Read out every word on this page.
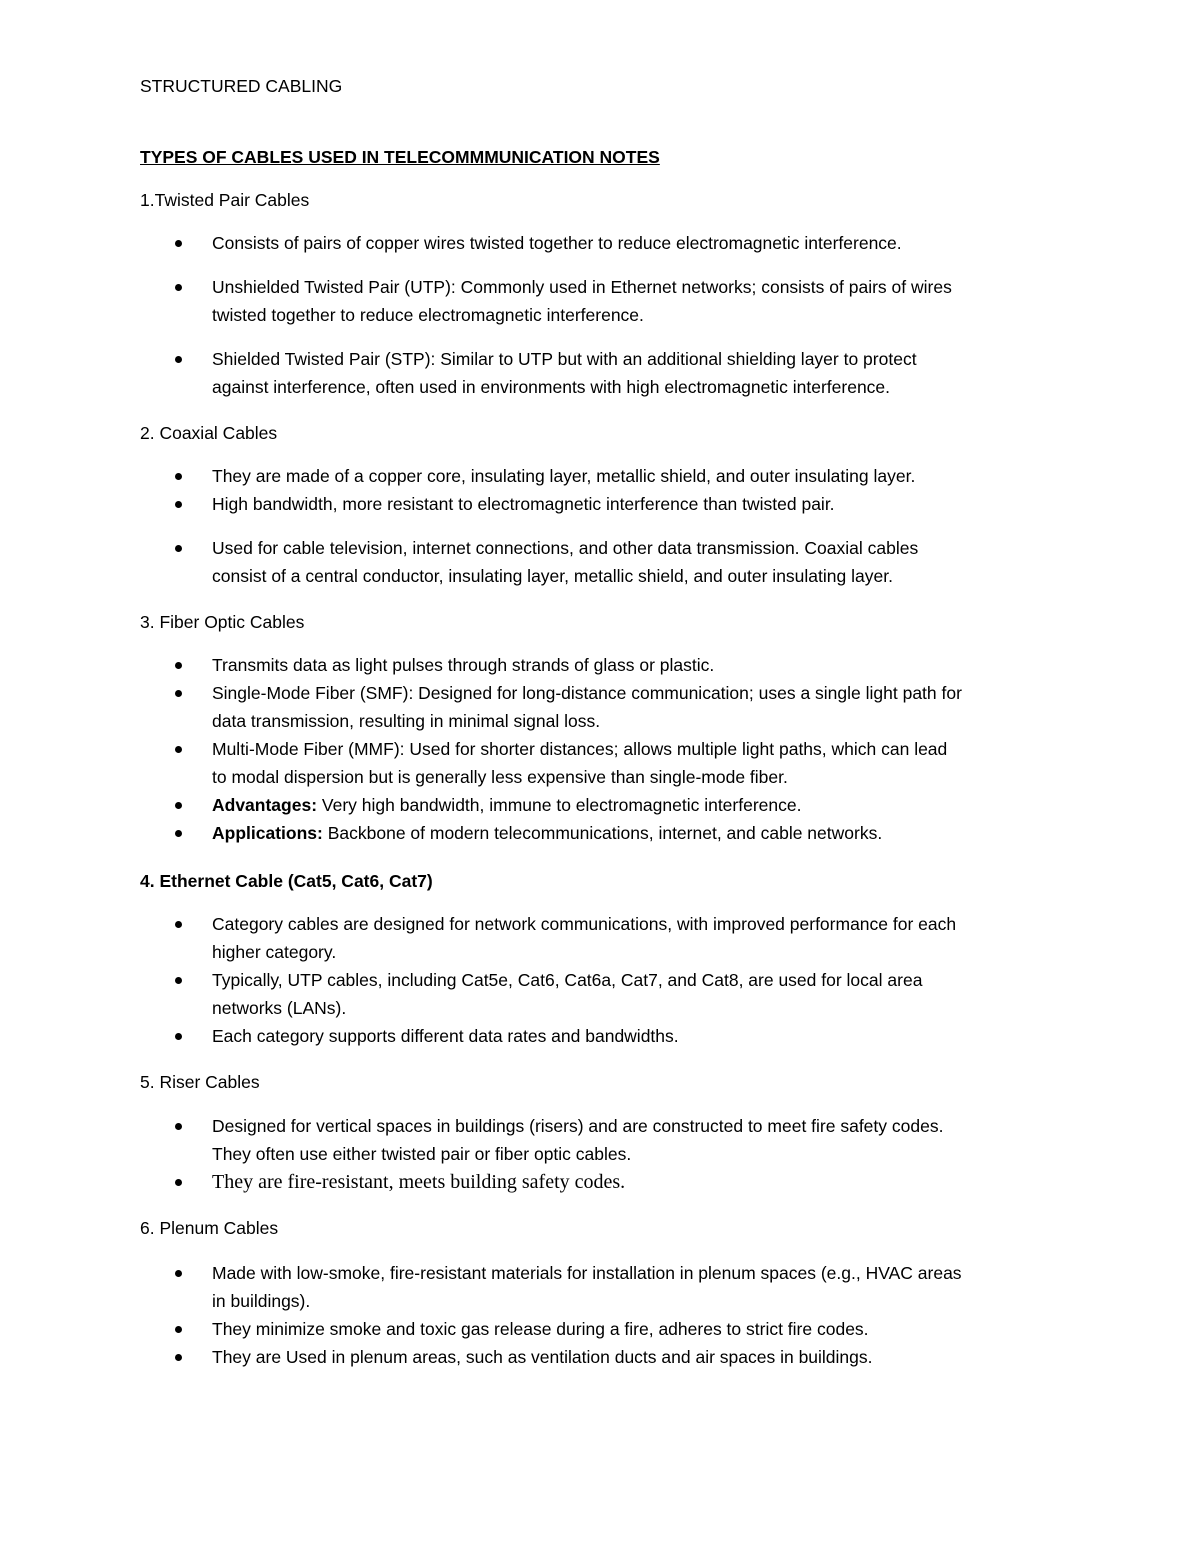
STRUCTURED CABLING

TYPES OF CABLES USED IN TELECOMMMUNICATION NOTES

1.Twisted Pair Cables

Consists of pairs of copper wires twisted together to reduce electromagnetic interference.
Unshielded Twisted Pair (UTP): Commonly used in Ethernet networks; consists of pairs of wires
twisted together to reduce electromagnetic interference.
Shielded Twisted Pair (STP): Similar to UTP but with an additional shielding layer to protect
against interference, often used in environments with high electromagnetic interference.

2. Coaxial Cables

They are made of a copper core, insulating layer, metallic shield, and outer insulating layer.
High bandwidth, more resistant to electromagnetic interference than twisted pair.
Used for cable television, internet connections, and other data transmission. Coaxial cables
consist of a central conductor, insulating layer, metallic shield, and outer insulating layer.

3. Fiber Optic Cables

Transmits data as light pulses through strands of glass or plastic.
Single-Mode Fiber (SMF): Designed for long-distance communication; uses a single light path for
data transmission, resulting in minimal signal loss.
Multi-Mode Fiber (MMF): Used for shorter distances; allows multiple light paths, which can lead
to modal dispersion but is generally less expensive than single-mode fiber.
Advantages: Very high bandwidth, immune to electromagnetic interference.
Applications: Backbone of modern telecommunications, internet, and cable networks.

4. Ethernet Cable (Cat5, Cat6, Cat7)

Category cables are designed for network communications, with improved performance for each
higher category.
Typically, UTP cables, including Cat5e, Cat6, Cat6a, Cat7, and Cat8, are used for local area
networks (LANs).
Each category supports different data rates and bandwidths.

5. Riser Cables

Designed for vertical spaces in buildings (risers) and are constructed to meet fire safety codes.
They often use either twisted pair or fiber optic cables.
They are fire-resistant, meets building safety codes.

6. Plenum Cables

Made with low-smoke, fire-resistant materials for installation in plenum spaces (e.g., HVAC areas
in buildings).
They minimize smoke and toxic gas release during a fire, adheres to strict fire codes.
They are Used in plenum areas, such as ventilation ducts and air spaces in buildings.
